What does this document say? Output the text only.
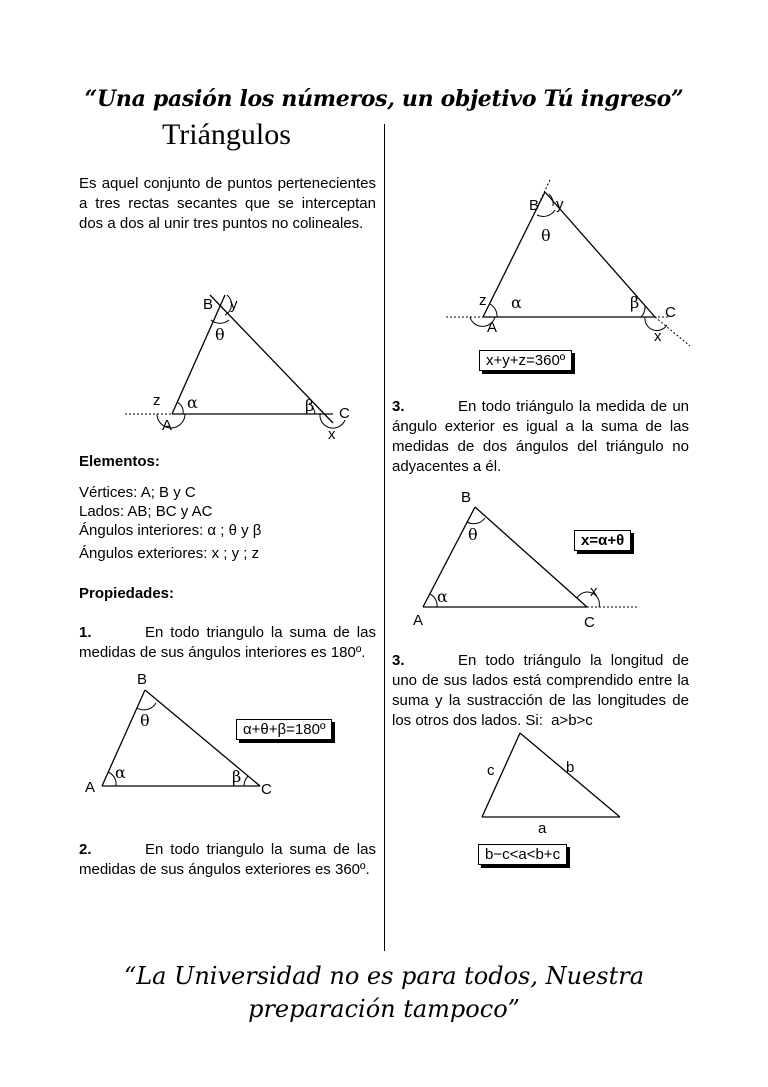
“Una pasión los números, un objetivo Tú ingreso”
Triángulos
Es aquel conjunto de puntos pertenecientes a tres rectas secantes que se interceptan dos a dos al unir tres puntos no colineales.
B y
θ
z α	β
A
C
x
Elementos:
Vértices: A; B y C
Lados: AB; BC y AC
Ángulos interiores: α ; θ y β
Ángulos exteriores: x ; y ; z
Propiedades:
1.	En todo triangulo la suma de las medidas de sus ángulos interiores es 180º.
B
θ
α	β
A	C
α+θ+β=180º
2.	En todo triangulo la suma de las medidas de sus ángulos exteriores es 360º.
B y
θ
z α	β
A
C
x
x+y+z=360º
3.	En todo triángulo la medida de un ángulo exterior es igual a la suma de las medidas de dos ángulos del triángulo no adyacentes a él.
B
θ
α	x
A	C
x=α+θ
3.	En todo triángulo la longitud de uno de sus lados está comprendido entre la suma y la sustracción de las longitudes de los otros dos lados. Si: a>b>c
c	b
a
b−c<a<b+c
“La Universidad no es para todos, Nuestra
preparación tampoco”
